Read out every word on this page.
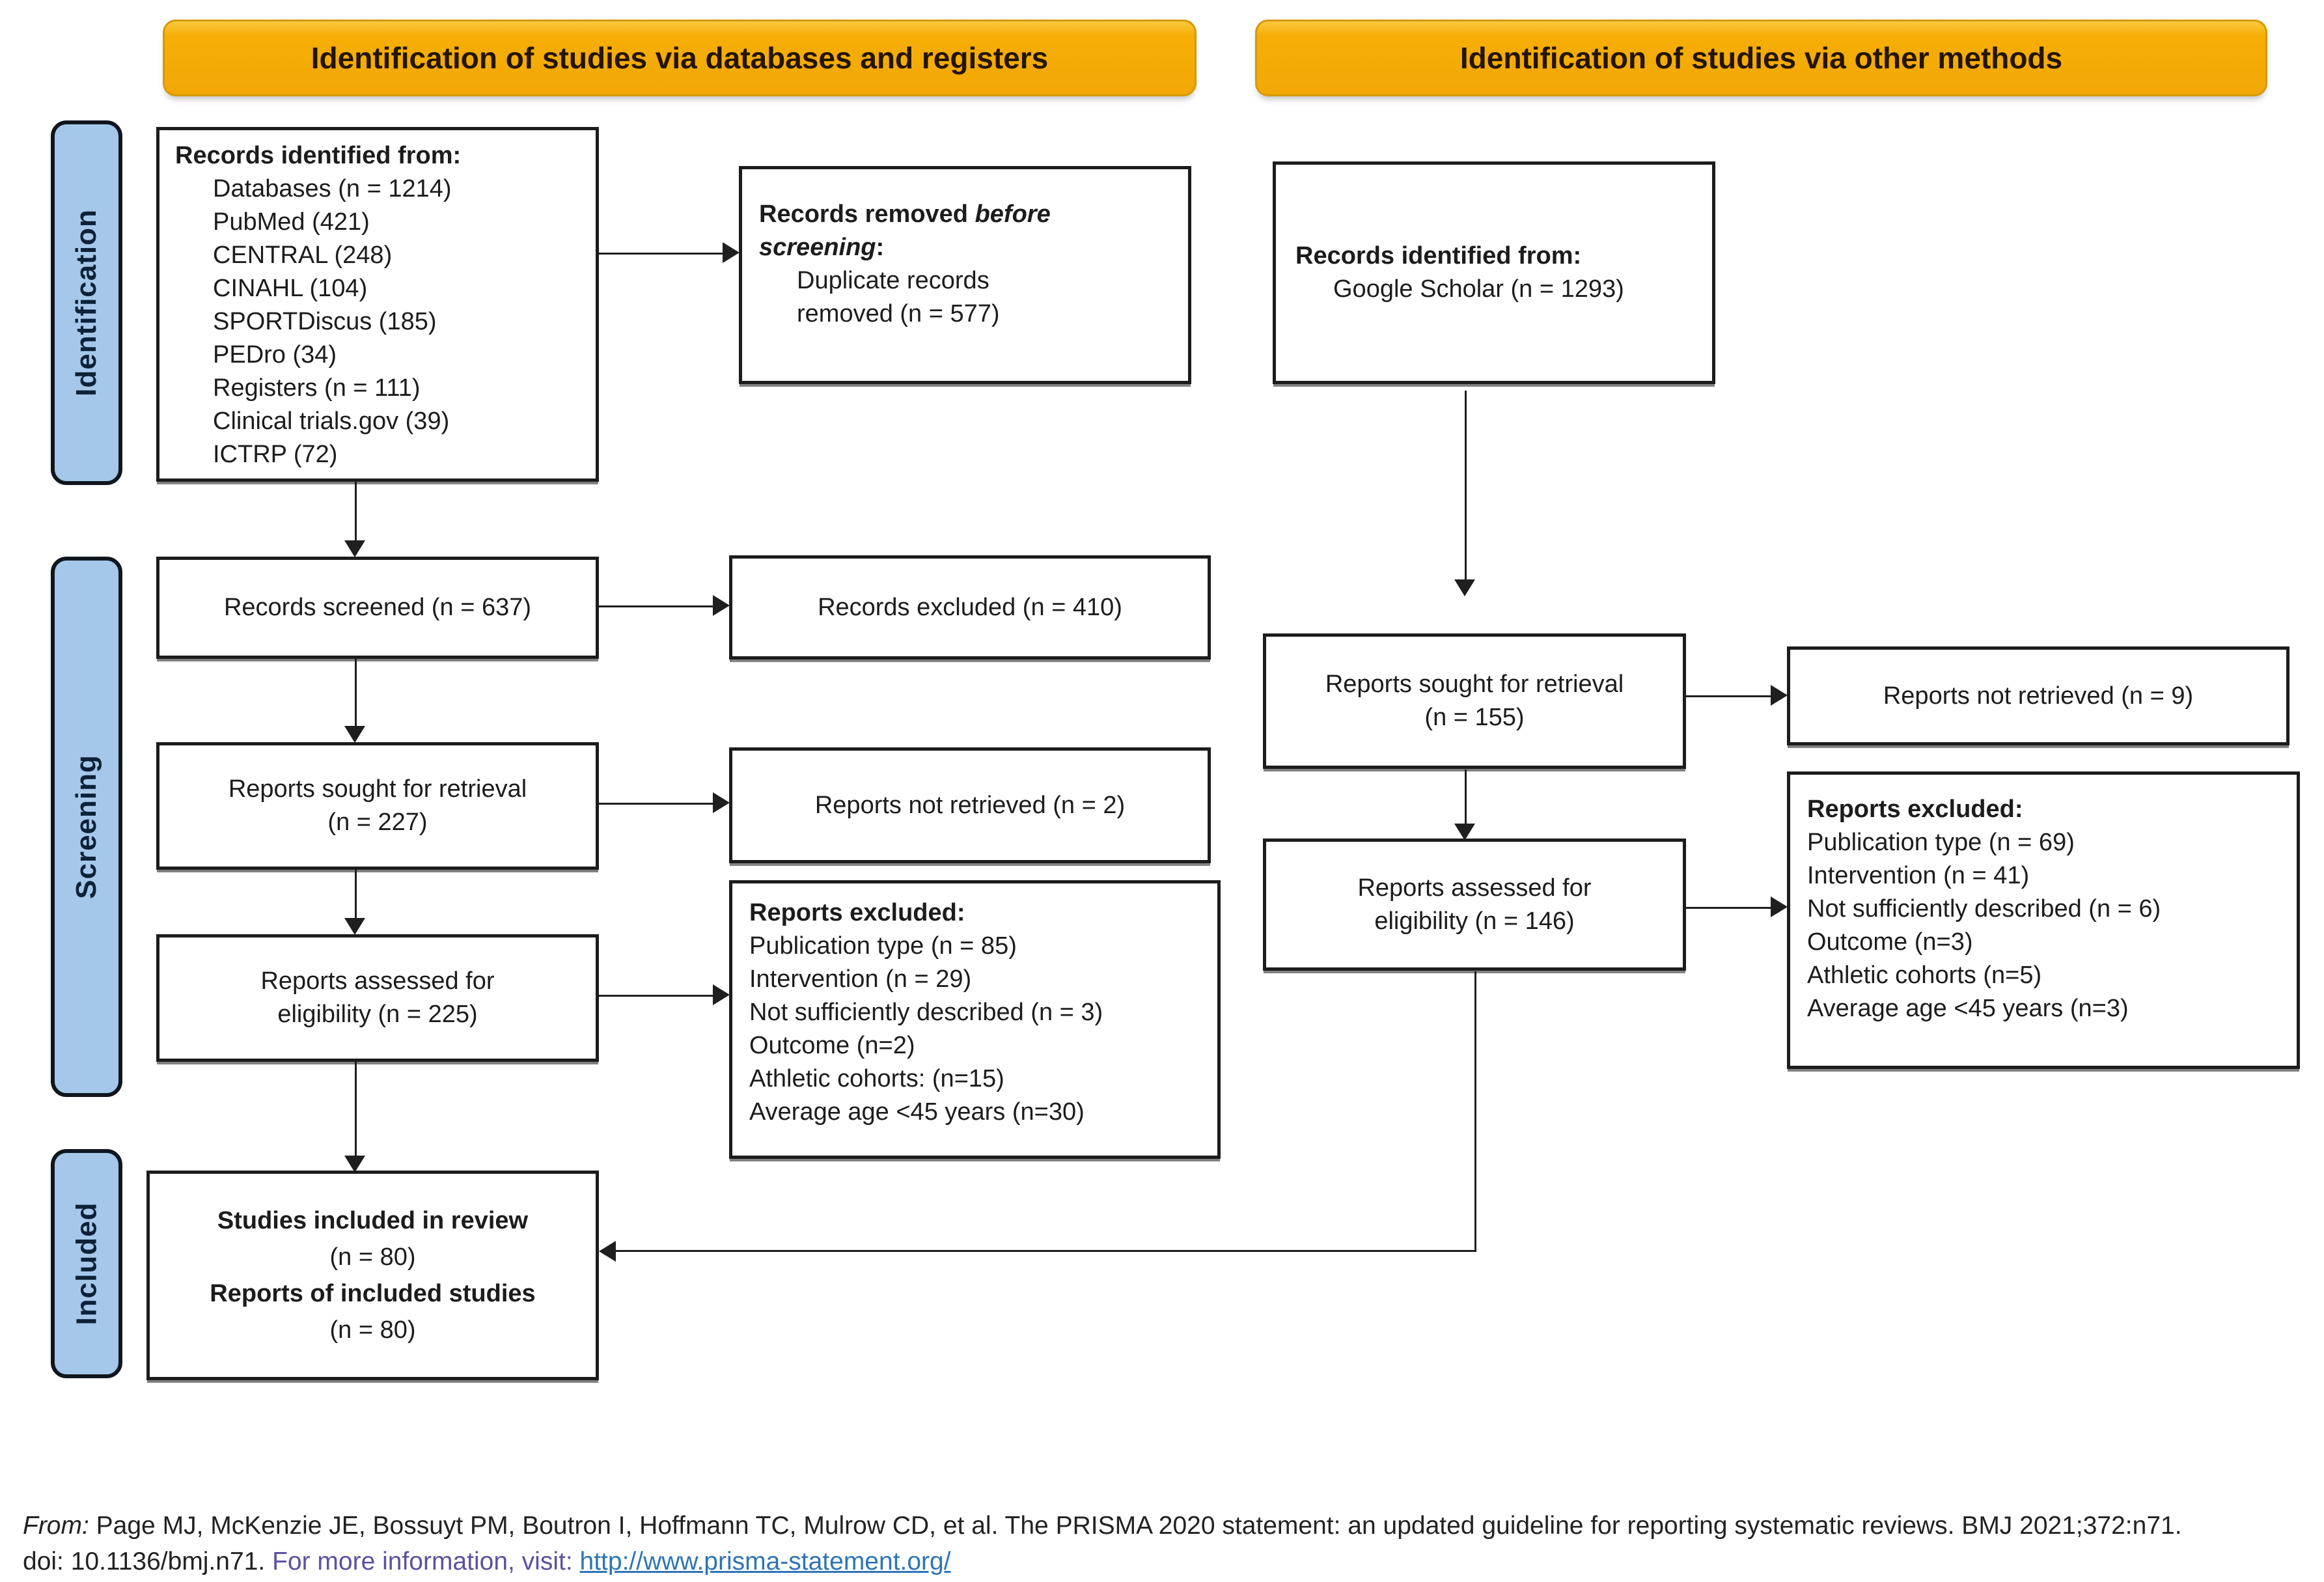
Identification of studies via databases and registers	Identification of studies via other methods
Identification
Screening
Included
Records identified from:
Databases (n = 1214)
PubMed (421)
CENTRAL (248)
CINAHL (104)
SPORTDiscus (185)
PEDro (34)
Registers (n = 111)
Clinical trials.gov (39)
ICTRP (72)
Records screened (n = 637)
Reports sought for retrieval
(n = 227)
Reports assessed for
eligibility (n = 225)
Studies included in review
(n = 80)
Reports of included studies
(n = 80)
Records removed before screening:
Duplicate records
removed (n = 577)
Records excluded (n = 410)
Reports not retrieved (n = 2)
Reports excluded:
Publication type (n = 85)
Intervention (n = 29)
Not sufficiently described (n = 3)
Outcome (n=2)
Athletic cohorts: (n=15)
Average age <45 years (n=30)
Records identified from:
Google Scholar (n = 1293)
Reports sought for retrieval
(n = 155)
Reports not retrieved (n = 9)
Reports assessed for
eligibility (n = 146)
Reports excluded:
Publication type (n = 69)
Intervention (n = 41)
Not sufficiently described (n = 6)
Outcome (n=3)
Athletic cohorts (n=5)
Average age <45 years (n=3)
From: Page MJ, McKenzie JE, Bossuyt PM, Boutron I, Hoffmann TC, Mulrow CD, et al. The PRISMA 2020 statement: an updated guideline for reporting systematic reviews. BMJ 2021;372:n71.
doi: 10.1136/bmj.n71. For more information, visit: http://www.prisma-statement.org/
